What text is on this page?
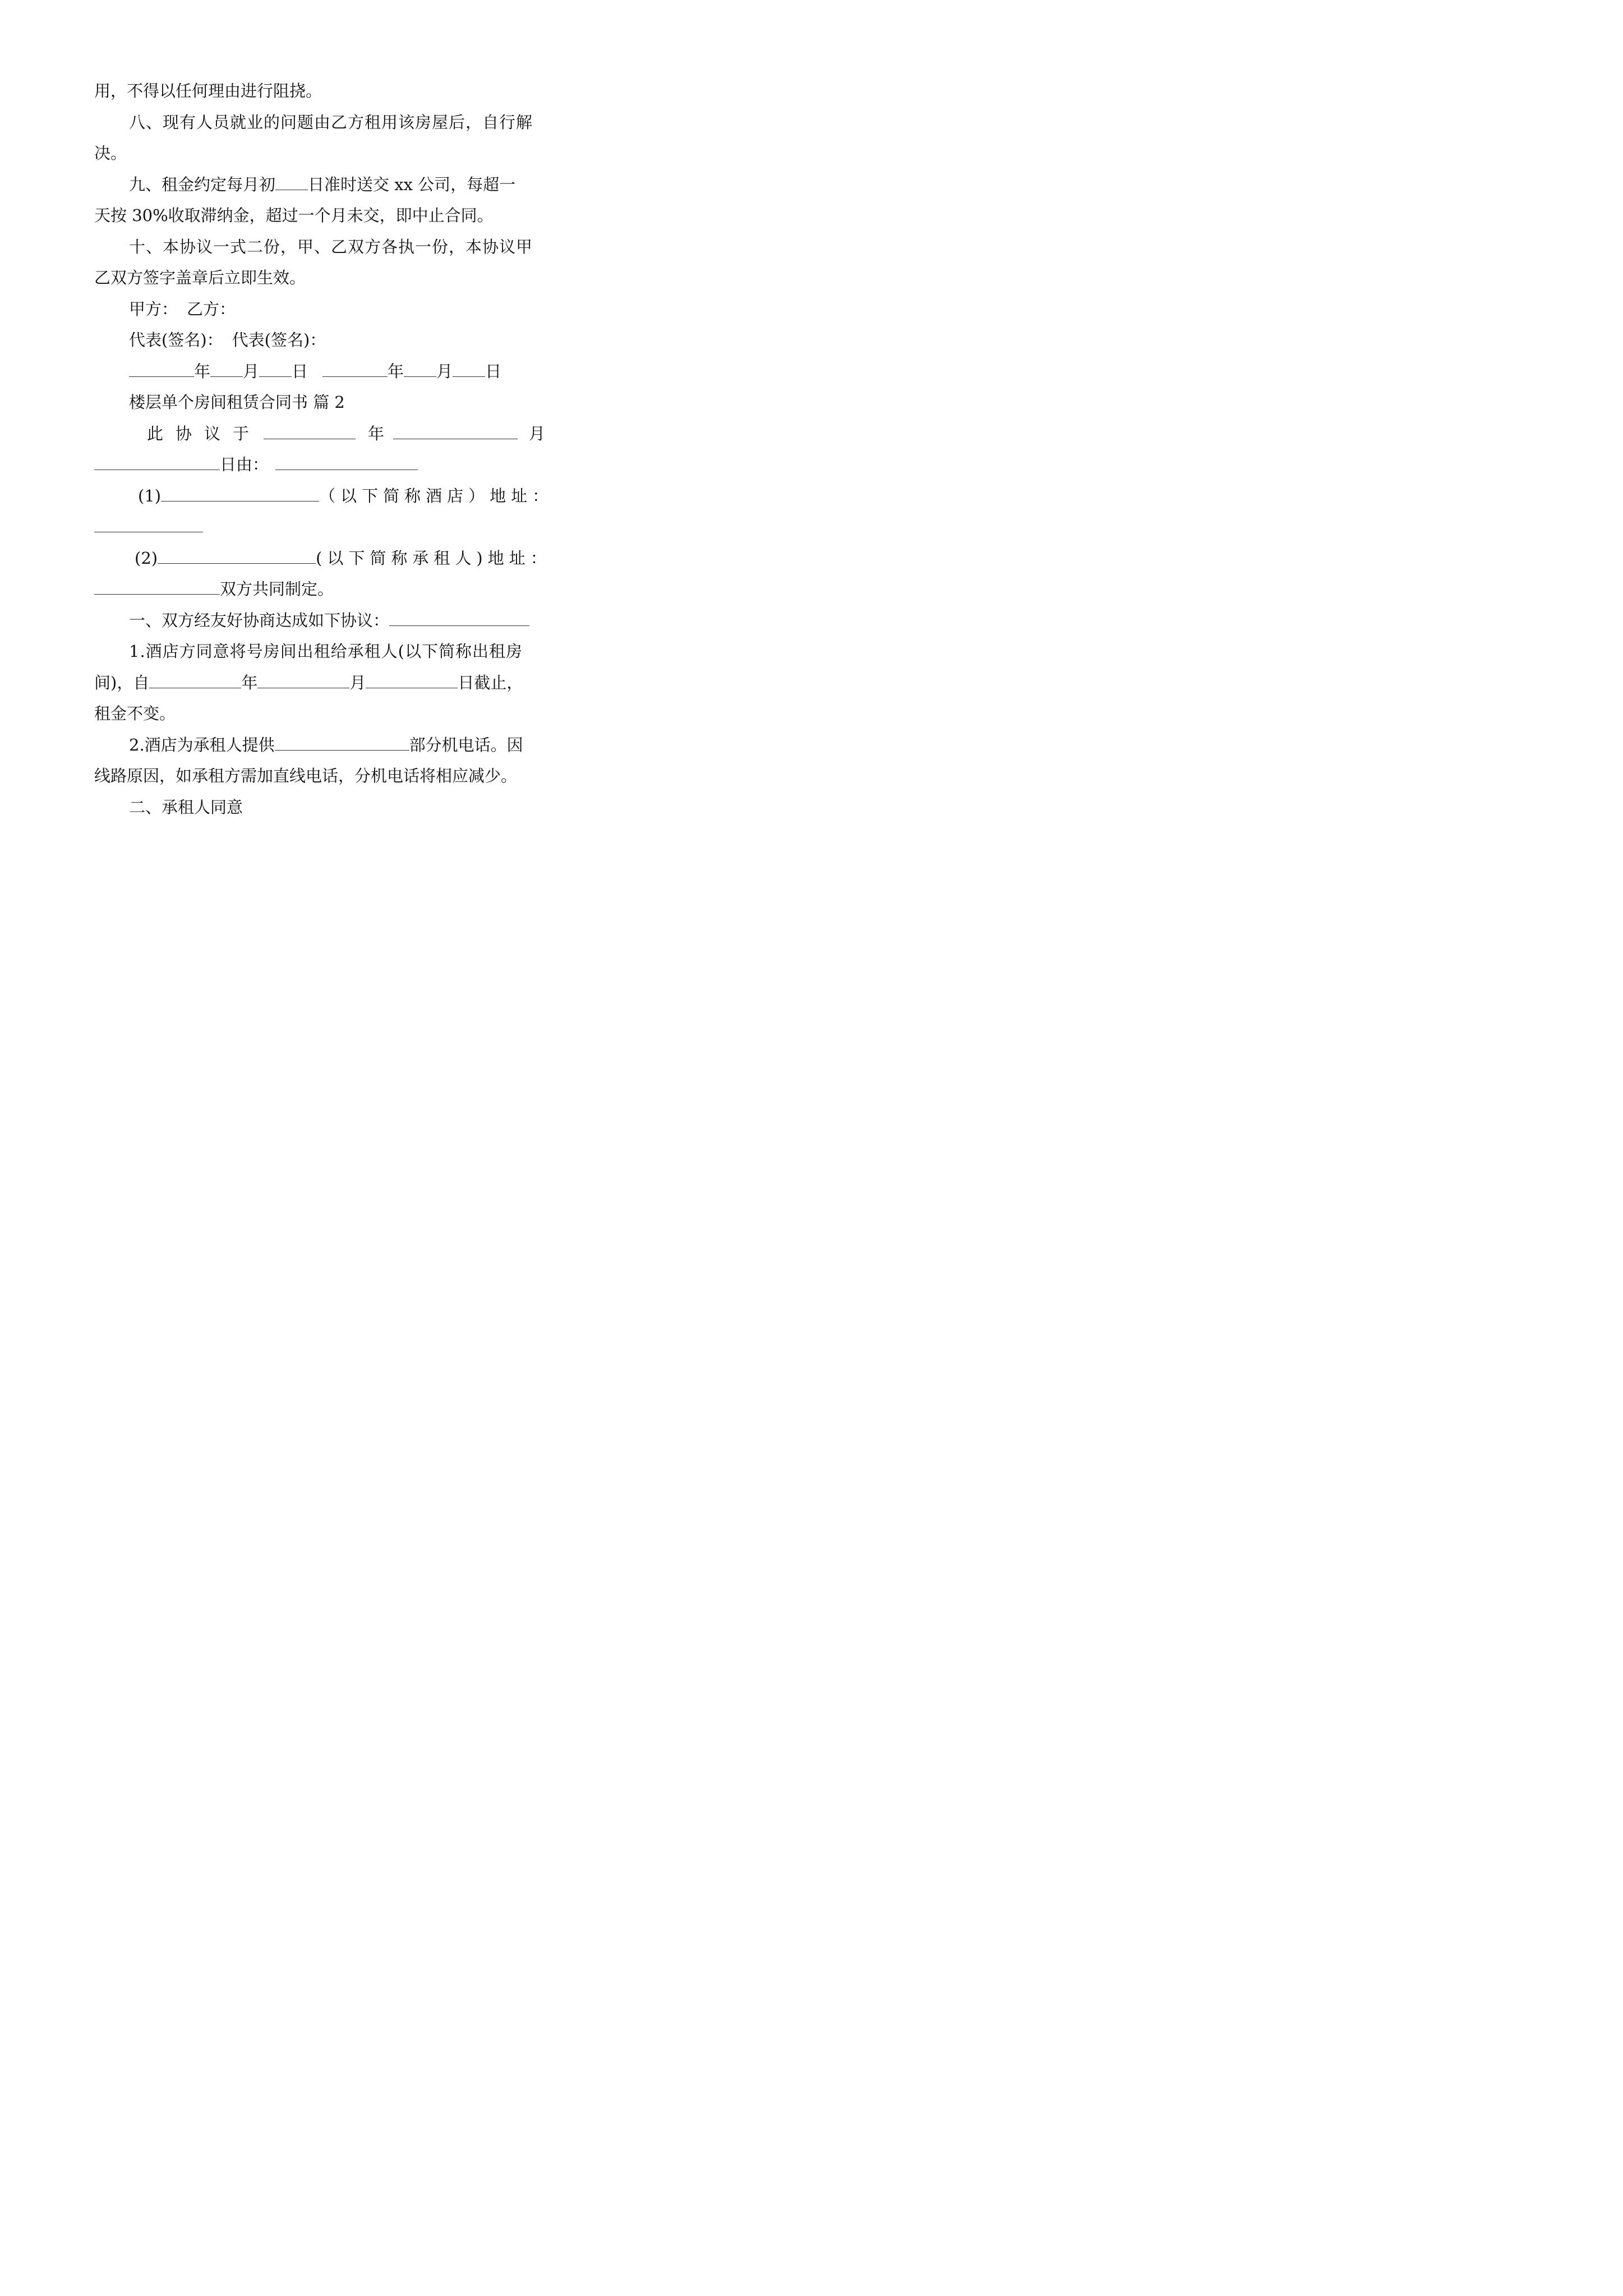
用，不得以任何理由进行阻挠。
八、现有人员就业的问题由乙方租用该房屋后，自行解
决。
九、租金约定每月初 日准时送交 xx 公司，每超一
天按 30%收取滞纳金，超过一个月未交，即中止合同。
十、本协议一式二份，甲、乙双方各执一份，本协议甲
乙双方签字盖章后立即生效。
甲方： 乙方：
代表(签名)： 代表(签名)：
年 月 日	年 月 日
楼层单个房间租赁合同书 篇 2
此协议于	年	月
日由：
(1)	（以下简称酒店）地址：
(2)	(以下简称承租人)地址：
双方共同制定。
一、双方经友好协商达成如下协议：
1.酒店方同意将号房间出租给承租人(以下简称出租房
间)，自	年	月	日截止，
租金不变。
2.酒店为承租人提供	部分机电话。因
线路原因，如承租方需加直线电话，分机电话将相应减少。
二、承租人同意
